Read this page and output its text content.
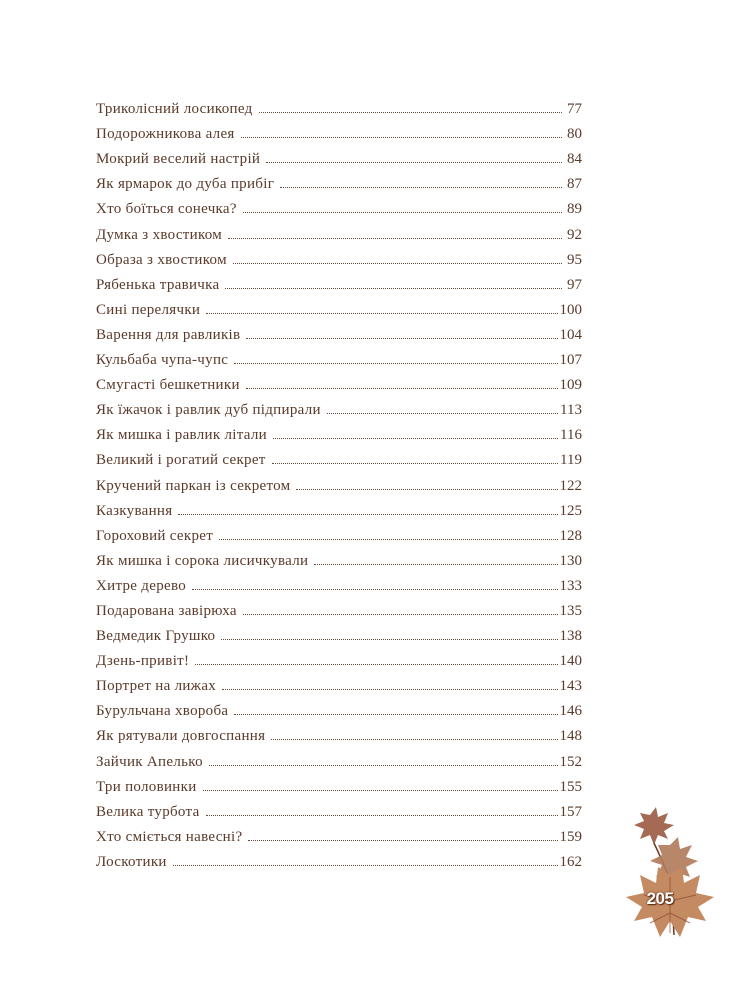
Триколісний лосикопед	77
Подорожникова алея	80
Мокрий веселий настрій	84
Як ярмарок до дуба прибіг	87
Хто боїться сонечка?	89
Думка з хвостиком	92
Образа з хвостиком	95
Рябенька травичка	97
Сині перелячки	100
Варення для равликів	104
Кульбаба чупа-чупс	107
Смугасті бешкетники	109
Як їжачок і равлик дуб підпирали	113
Як мишка і равлик літали	116
Великий і рогатий секрет	119
Кручений паркан із секретом	122
Казкування	125
Гороховий секрет	128
Як мишка і сорока лисичкували	130
Хитре дерево	133
Подарована завірюха	135
Ведмедик Грушко	138
Дзень-привіт!	140
Портрет на лижах	143
Бурульчана хвороба	146
Як рятували довгоспання	148
Зайчик Апелько	152
Три половинки	155
Велика турбота	157
Хто сміється навесні?	159
Лоскотики	162
205
